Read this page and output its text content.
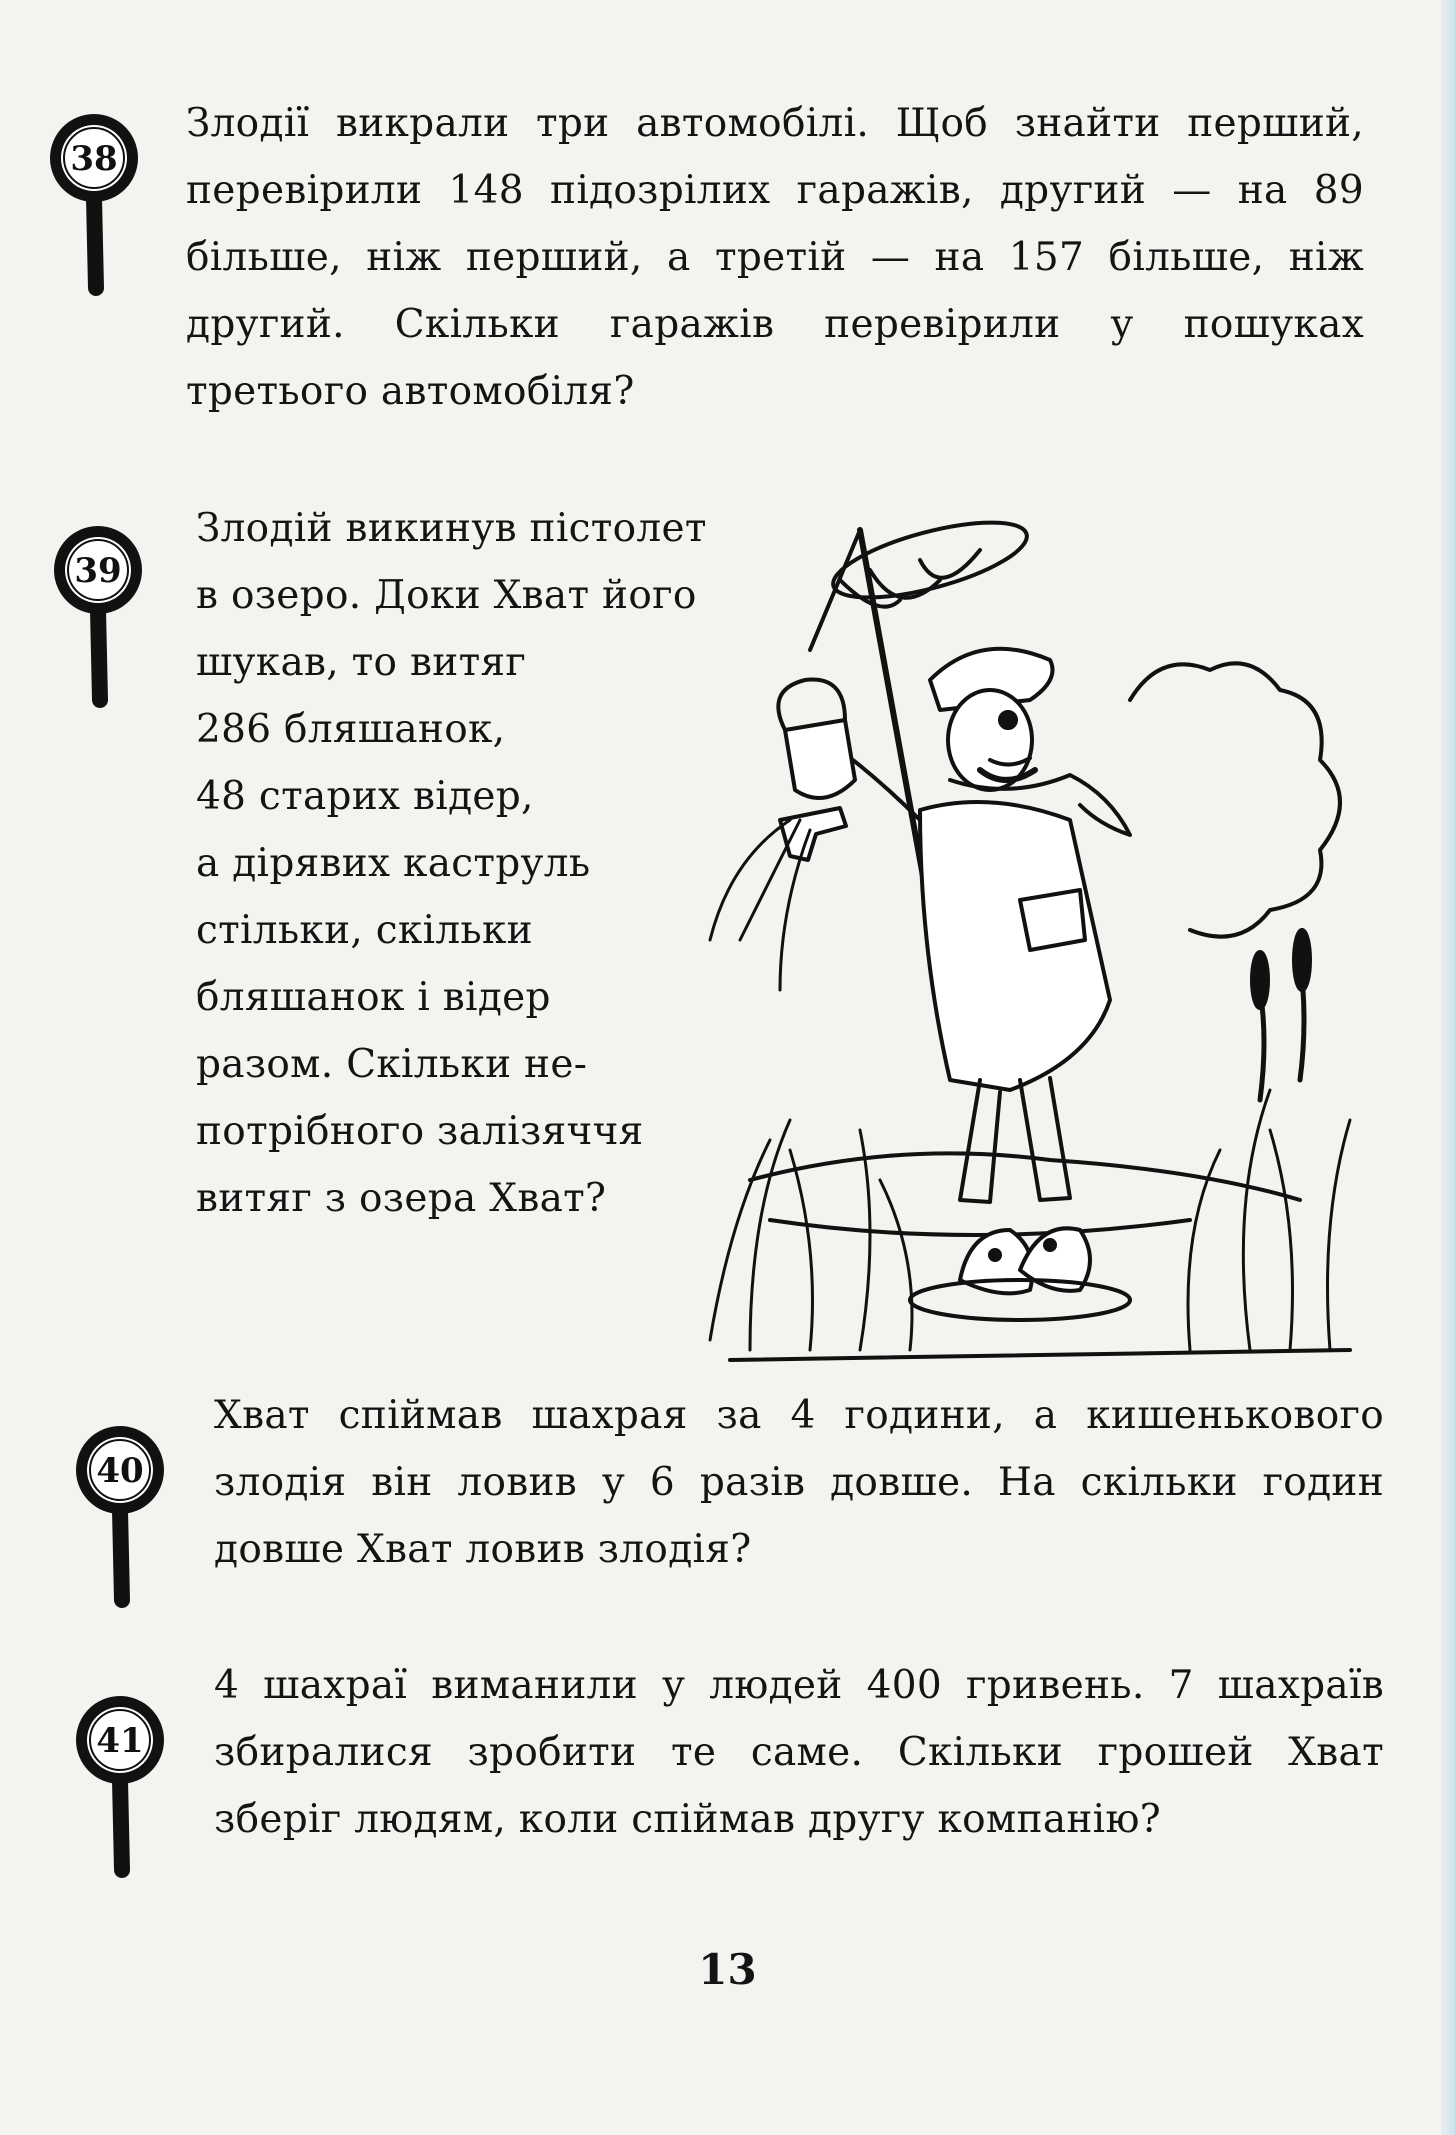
38

Злодії викрали три автомобілі. Щоб знайти перший, перевірили 148 підозрілих гаражів, другий — на 89 більше, ніж перший, а третій — на 157 більше, ніж другий. Скільки гаражів перевірили у пошуках третього автомобіля?

39
Злодій викинув пістолет
в озеро. Доки Хват його
шукав, то витяг
286 бляшанок,
48 старих відер,
а дірявих каструль
стільки, скільки
бляшанок і відер
разом. Скільки не-
потрібного залізяччя
витяг з озера Хват?
40

Хват спіймав шахрая за 4 години, а кишенькового злодія він ловив у 6 разів довше. На скільки годин довше Хват ловив злодія?

41

4 шахраї виманили у людей 400 гривень. 7 шахраїв збиралися зробити те саме. Скільки грошей Хват зберіг людям, коли спіймав другу компанію?

13
